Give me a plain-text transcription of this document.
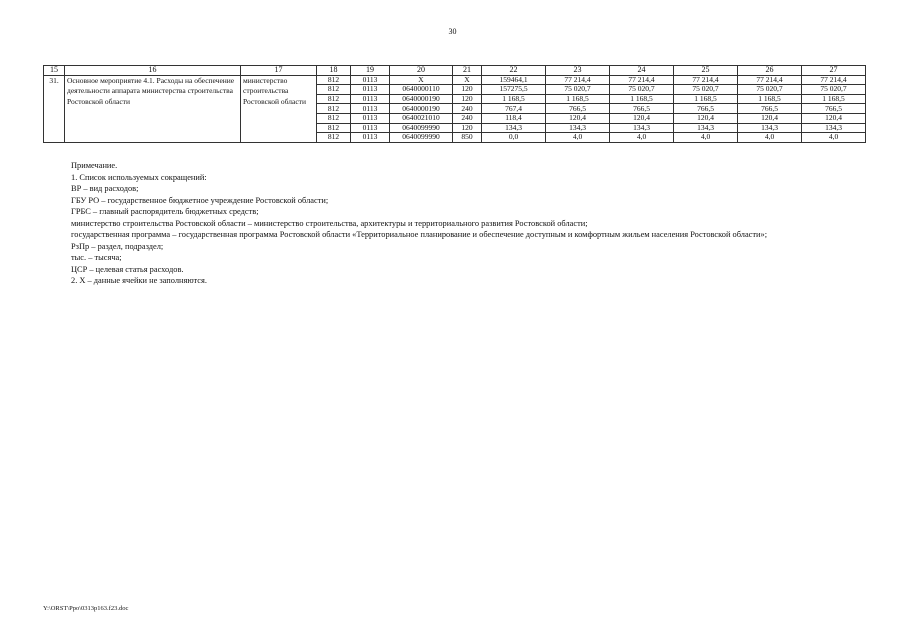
30
15	16	17	18	19	20	21	22	23	24	25	26	27
31.	Основное мероприятие 4.1. Расходы на обеспечение деятельности аппарата министерства строительства Ростовской области	министерство строительства Ростовской области	812	0113	Х	Х	159464,1	77 214,4	77 214,4	77 214,4	77 214,4	77 214,4
			812	0113	0640000110	120	157275,5	75 020,7	75 020,7	75 020,7	75 020,7	75 020,7
			812	0113	0640000190	120	1 168,5	1 168,5	1 168,5	1 168,5	1 168,5	1 168,5
			812	0113	0640000190	240	767,4	766,5	766,5	766,5	766,5	766,5
			812	0113	0640021010	240	118,4	120,4	120,4	120,4	120,4	120,4
			812	0113	0640099990	120	134,3	134,3	134,3	134,3	134,3	134,3
			812	0113	0640099990	850	0,0	4,0	4,0	4,0	4,0	4,0

Примечание.

1. Список используемых сокращений:

ВР – вид расходов;

ГБУ РО – государственное бюджетное учреждение Ростовской области;

ГРБС – главный распорядитель бюджетных средств;

министерство строительства Ростовской области – министерство строительства, архитектуры и территориального развития Ростовской области;

государственная программа – государственная программа Ростовской области «Территориальное планирование и обеспечение доступным и комфортным жильем населения Ростовской области»;

РзПр – раздел, подраздел;

тыс. – тысяча;

ЦСР – целевая статья расходов.

2. Х – данные ячейки не заполняются.

Y:\ORST\Ppo\0313p163.f23.doc
